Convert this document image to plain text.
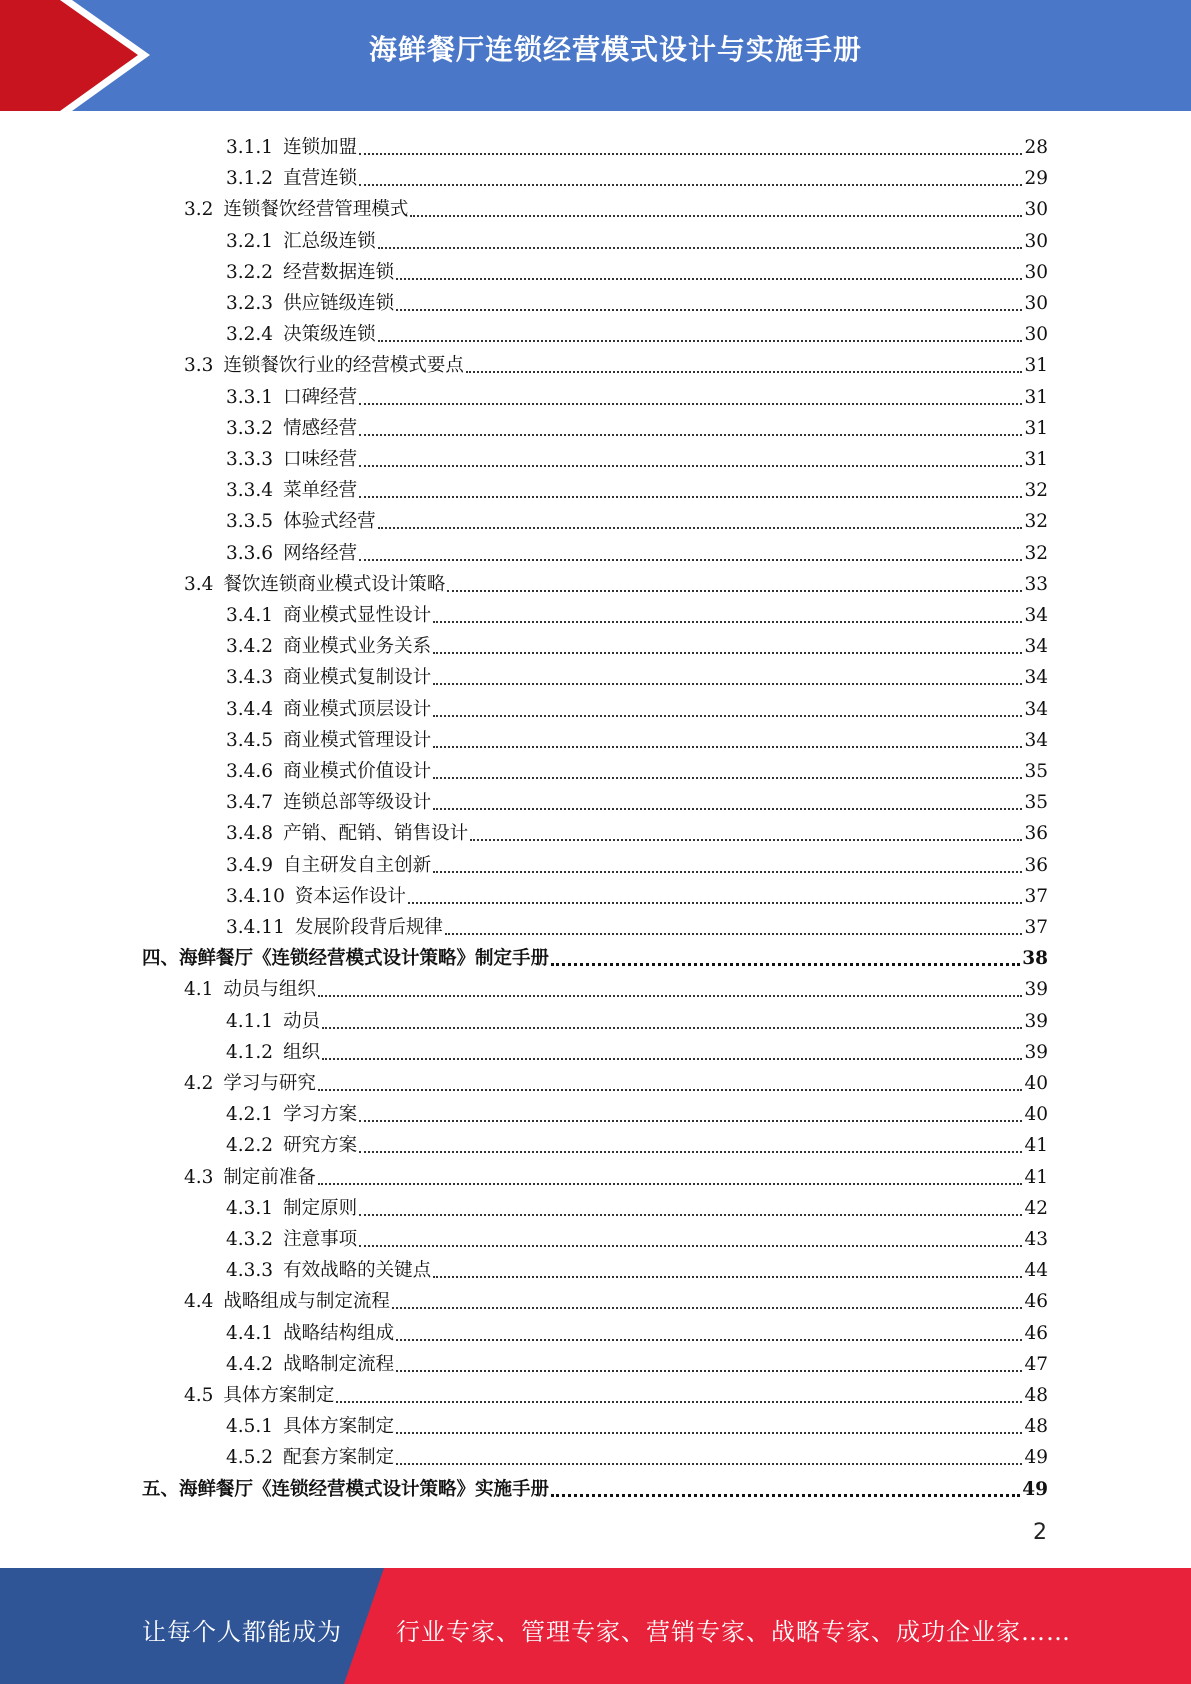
海鲜餐厅连锁经营模式设计与实施手册
3.1.1 连锁加盟	28
3.1.2 直营连锁	29
3.2 连锁餐饮经营管理模式	30
3.2.1 汇总级连锁	30
3.2.2 经营数据连锁	30
3.2.3 供应链级连锁	30
3.2.4 决策级连锁	30
3.3 连锁餐饮行业的经营模式要点	31
3.3.1 口碑经营	31
3.3.2 情感经营	31
3.3.3 口味经营	31
3.3.4 菜单经营	32
3.3.5 体验式经营	32
3.3.6 网络经营	32
3.4 餐饮连锁商业模式设计策略	33
3.4.1 商业模式显性设计	34
3.4.2 商业模式业务关系	34
3.4.3 商业模式复制设计	34
3.4.4 商业模式顶层设计	34
3.4.5 商业模式管理设计	34
3.4.6 商业模式价值设计	35
3.4.7 连锁总部等级设计	35
3.4.8 产销、配销、销售设计	36
3.4.9 自主研发自主创新	36
3.4.10 资本运作设计	37
3.4.11 发展阶段背后规律	37
四、海鲜餐厅《连锁经营模式设计策略》制定手册	38
4.1 动员与组织	39
4.1.1 动员	39
4.1.2 组织	39
4.2 学习与研究	40
4.2.1 学习方案	40
4.2.2 研究方案	41
4.3 制定前准备	41
4.3.1 制定原则	42
4.3.2 注意事项	43
4.3.3 有效战略的关键点	44
4.4 战略组成与制定流程	46
4.4.1 战略结构组成	46
4.4.2 战略制定流程	47
4.5 具体方案制定	48
4.5.1 具体方案制定	48
4.5.2 配套方案制定	49
五、海鲜餐厅《连锁经营模式设计策略》实施手册	49
2
让每个人都能成为 行业专家、管理专家、营销专家、战略专家、成功企业家……
